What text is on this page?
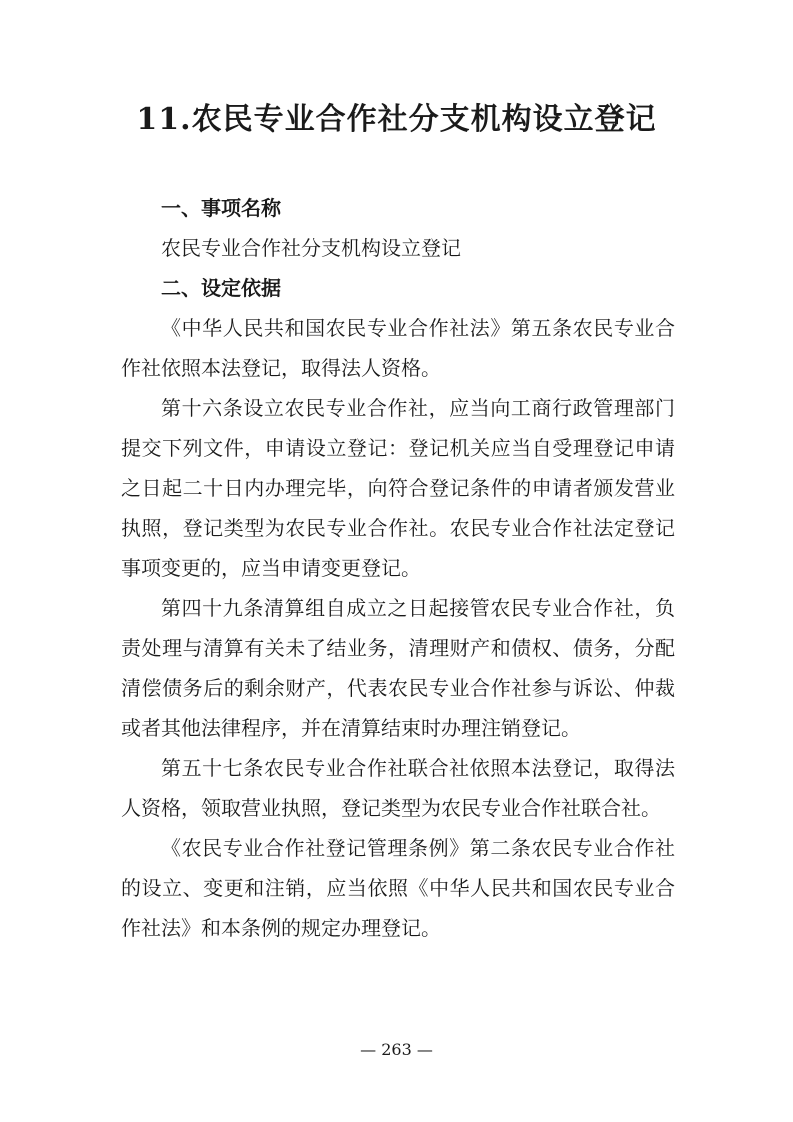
11.农民专业合作社分支机构设立登记
一、事项名称

农民专业合作社分支机构设立登记

二、设定依据

《中华人民共和国农民专业合作社法》第五条农民专业合作社依照本法登记，取得法人资格。

第十六条设立农民专业合作社，应当向工商行政管理部门提交下列文件，申请设立登记：登记机关应当自受理登记申请之日起二十日内办理完毕，向符合登记条件的申请者颁发营业执照，登记类型为农民专业合作社。农民专业合作社法定登记事项变更的，应当申请变更登记。

第四十九条清算组自成立之日起接管农民专业合作社，负责处理与清算有关未了结业务，清理财产和债权、债务，分配清偿债务后的剩余财产，代表农民专业合作社参与诉讼、仲裁或者其他法律程序，并在清算结束时办理注销登记。

第五十七条农民专业合作社联合社依照本法登记，取得法人资格，领取营业执照，登记类型为农民专业合作社联合社。

《农民专业合作社登记管理条例》第二条农民专业合作社的设立、变更和注销，应当依照《中华人民共和国农民专业合作社法》和本条例的规定办理登记。

— 263 —
